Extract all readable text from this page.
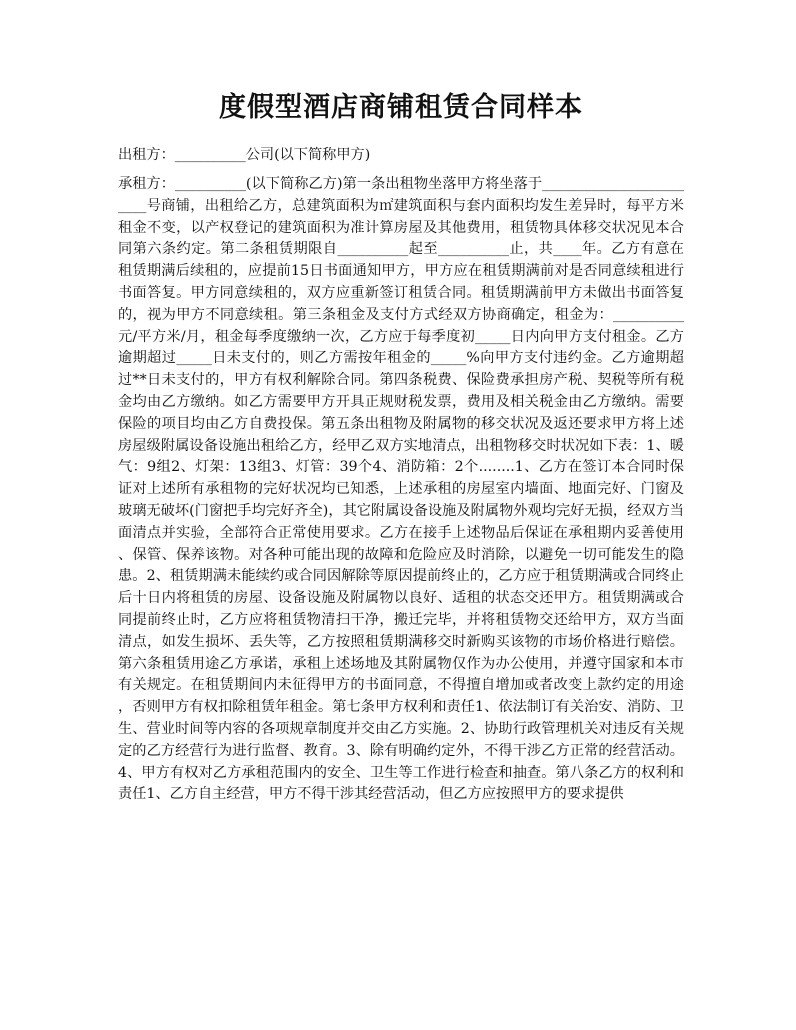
度假型酒店商铺租赁合同样本

出租方：__________公司(以下简称甲方)

承租方：__________(以下简称乙方)第一条出租物坐落甲方将坐落于________________________号商铺，出租给乙方，总建筑面积为㎡建筑面积与套内面积均发生差异时，每平方米租金不变，以产权登记的建筑面积为准计算房屋及其他费用，租赁物具体移交状况见本合同第六条约定。第二条租赁期限自__________起至__________止，共____年。乙方有意在租赁期满后续租的，应提前15日书面通知甲方，甲方应在租赁期满前对是否同意续租进行书面答复。甲方同意续租的，双方应重新签订租赁合同。租赁期满前甲方未做出书面答复的，视为甲方不同意续租。第三条租金及支付方式经双方协商确定，租金为：__________元/平方米/月，租金每季度缴纳一次，乙方应于每季度初_____日内向甲方支付租金。乙方逾期超过_____日未支付的，则乙方需按年租金的_____%向甲方支付违约金。乙方逾期超过**日未支付的，甲方有权利解除合同。第四条税费、保险费承担房产税、契税等所有税金均由乙方缴纳。如乙方需要甲方开具正规财税发票，费用及相关税金由乙方缴纳。需要保险的项目均由乙方自费投保。第五条出租物及附属物的移交状况及返还要求甲方将上述房屋级附属设备设施出租给乙方，经甲乙双方实地清点，出租物移交时状况如下表：1、暖气：9组2、灯架：13组3、灯管：39个4、消防箱：2个........1、乙方在签订本合同时保证对上述所有承租物的完好状况均已知悉，上述承租的房屋室内墙面、地面完好、门窗及玻璃无破坏(门窗把手均完好齐全)，其它附属设备设施及附属物外观均完好无损，经双方当面清点并实验，全部符合正常使用要求。乙方在接手上述物品后保证在承租期内妥善使用、保管、保养该物。对各种可能出现的故障和危险应及时消除，以避免一切可能发生的隐患。2、租赁期满未能续约或合同因解除等原因提前终止的，乙方应于租赁期满或合同终止后十日内将租赁的房屋、设备设施及附属物以良好、适租的状态交还甲方。租赁期满或合同提前终止时，乙方应将租赁物清扫干净，搬迁完毕，并将租赁物交还给甲方，双方当面清点，如发生损坏、丢失等，乙方按照租赁期满移交时新购买该物的市场价格进行赔偿。第六条租赁用途乙方承诺，承租上述场地及其附属物仅作为办公使用，并遵守国家和本市有关规定。在租赁期间内未征得甲方的书面同意，不得擅自增加或者改变上款约定的用途，否则甲方有权扣除租赁年租金。第七条甲方权利和责任1、依法制订有关治安、消防、卫生、营业时间等内容的各项规章制度并交由乙方实施。2、协助行政管理机关对违反有关规定的乙方经营行为进行监督、教育。3、除有明确约定外，不得干涉乙方正常的经营活动。4、甲方有权对乙方承租范围内的安全、卫生等工作进行检查和抽查。第八条乙方的权利和责任1、乙方自主经营，甲方不得干涉其经营活动，但乙方应按照甲方的要求提供
